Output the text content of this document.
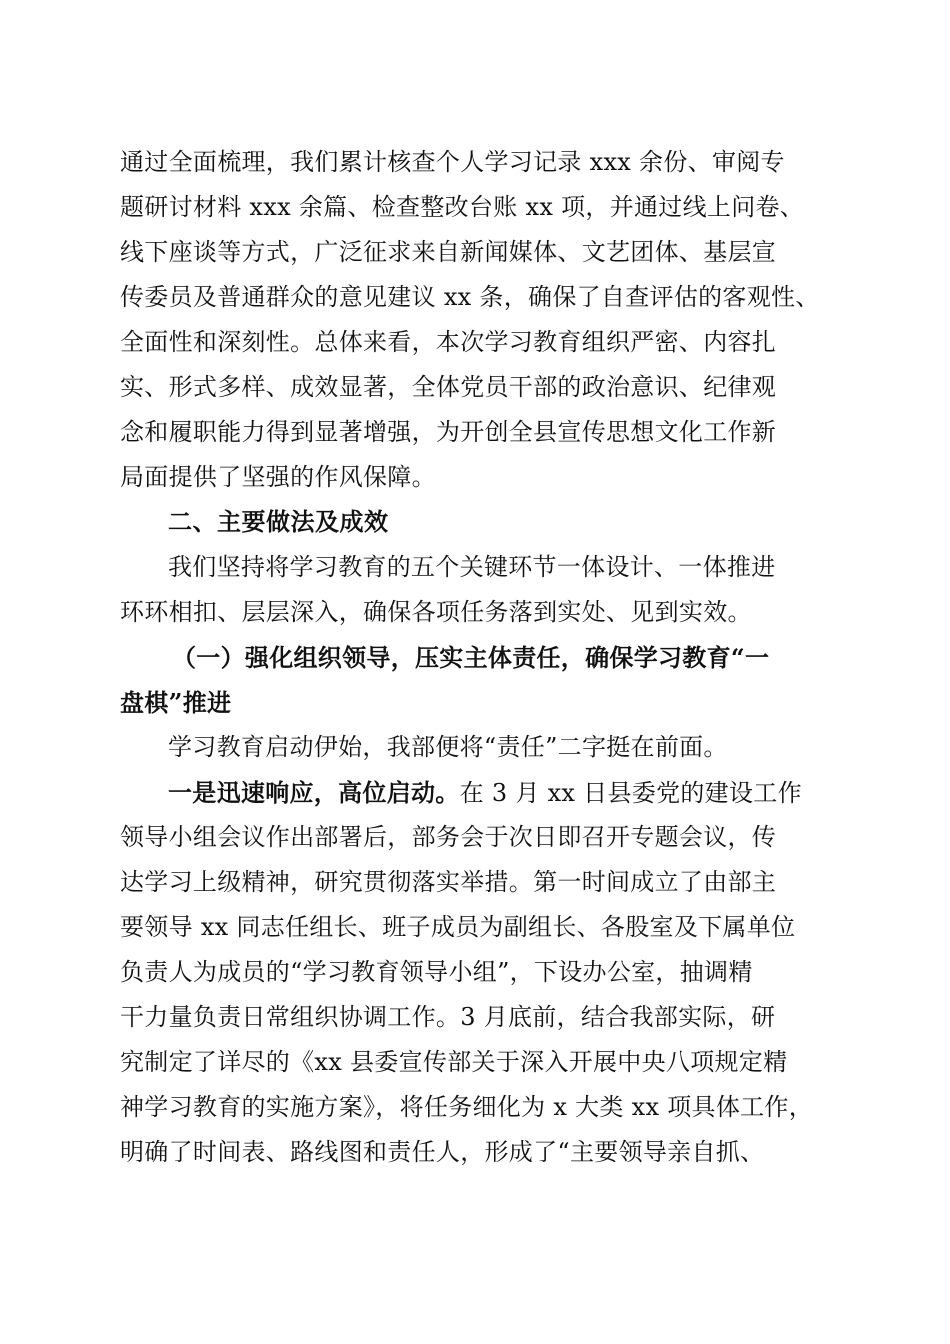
通过全面梳理，我们累计核查个人学习记录 xxx 余份、审阅专
题研讨材料 xxx 余篇、检查整改台账 xx 项，并通过线上问卷、
线下座谈等方式，广泛征求来自新闻媒体、文艺团体、基层宣
传委员及普通群众的意见建议 xx 条，确保了自查评估的客观性、
全面性和深刻性。总体来看，本次学习教育组织严密、内容扎
实、形式多样、成效显著，全体党员干部的政治意识、纪律观
念和履职能力得到显著增强，为开创全县宣传思想文化工作新
局面提供了坚强的作风保障。
二、主要做法及成效
我们坚持将学习教育的五个关键环节一体设计、一体推进
环环相扣、层层深入，确保各项任务落到实处、见到实效。
（一）强化组织领导，压实主体责任，确保学习教育“一
盘棋”推进
学习教育启动伊始，我部便将“责任”二字挺在前面。
一是迅速响应，高位启动。在 3 月 xx 日县委党的建设工作
领导小组会议作出部署后，部务会于次日即召开专题会议，传
达学习上级精神，研究贯彻落实举措。第一时间成立了由部主
要领导 xx 同志任组长、班子成员为副组长、各股室及下属单位
负责人为成员的“学习教育领导小组”，下设办公室，抽调精
干力量负责日常组织协调工作。3 月底前，结合我部实际，研
究制定了详尽的《xx 县委宣传部关于深入开展中央八项规定精
神学习教育的实施方案》，将任务细化为 x 大类 xx 项具体工作，
明确了时间表、路线图和责任人，形成了“主要领导亲自抓、
